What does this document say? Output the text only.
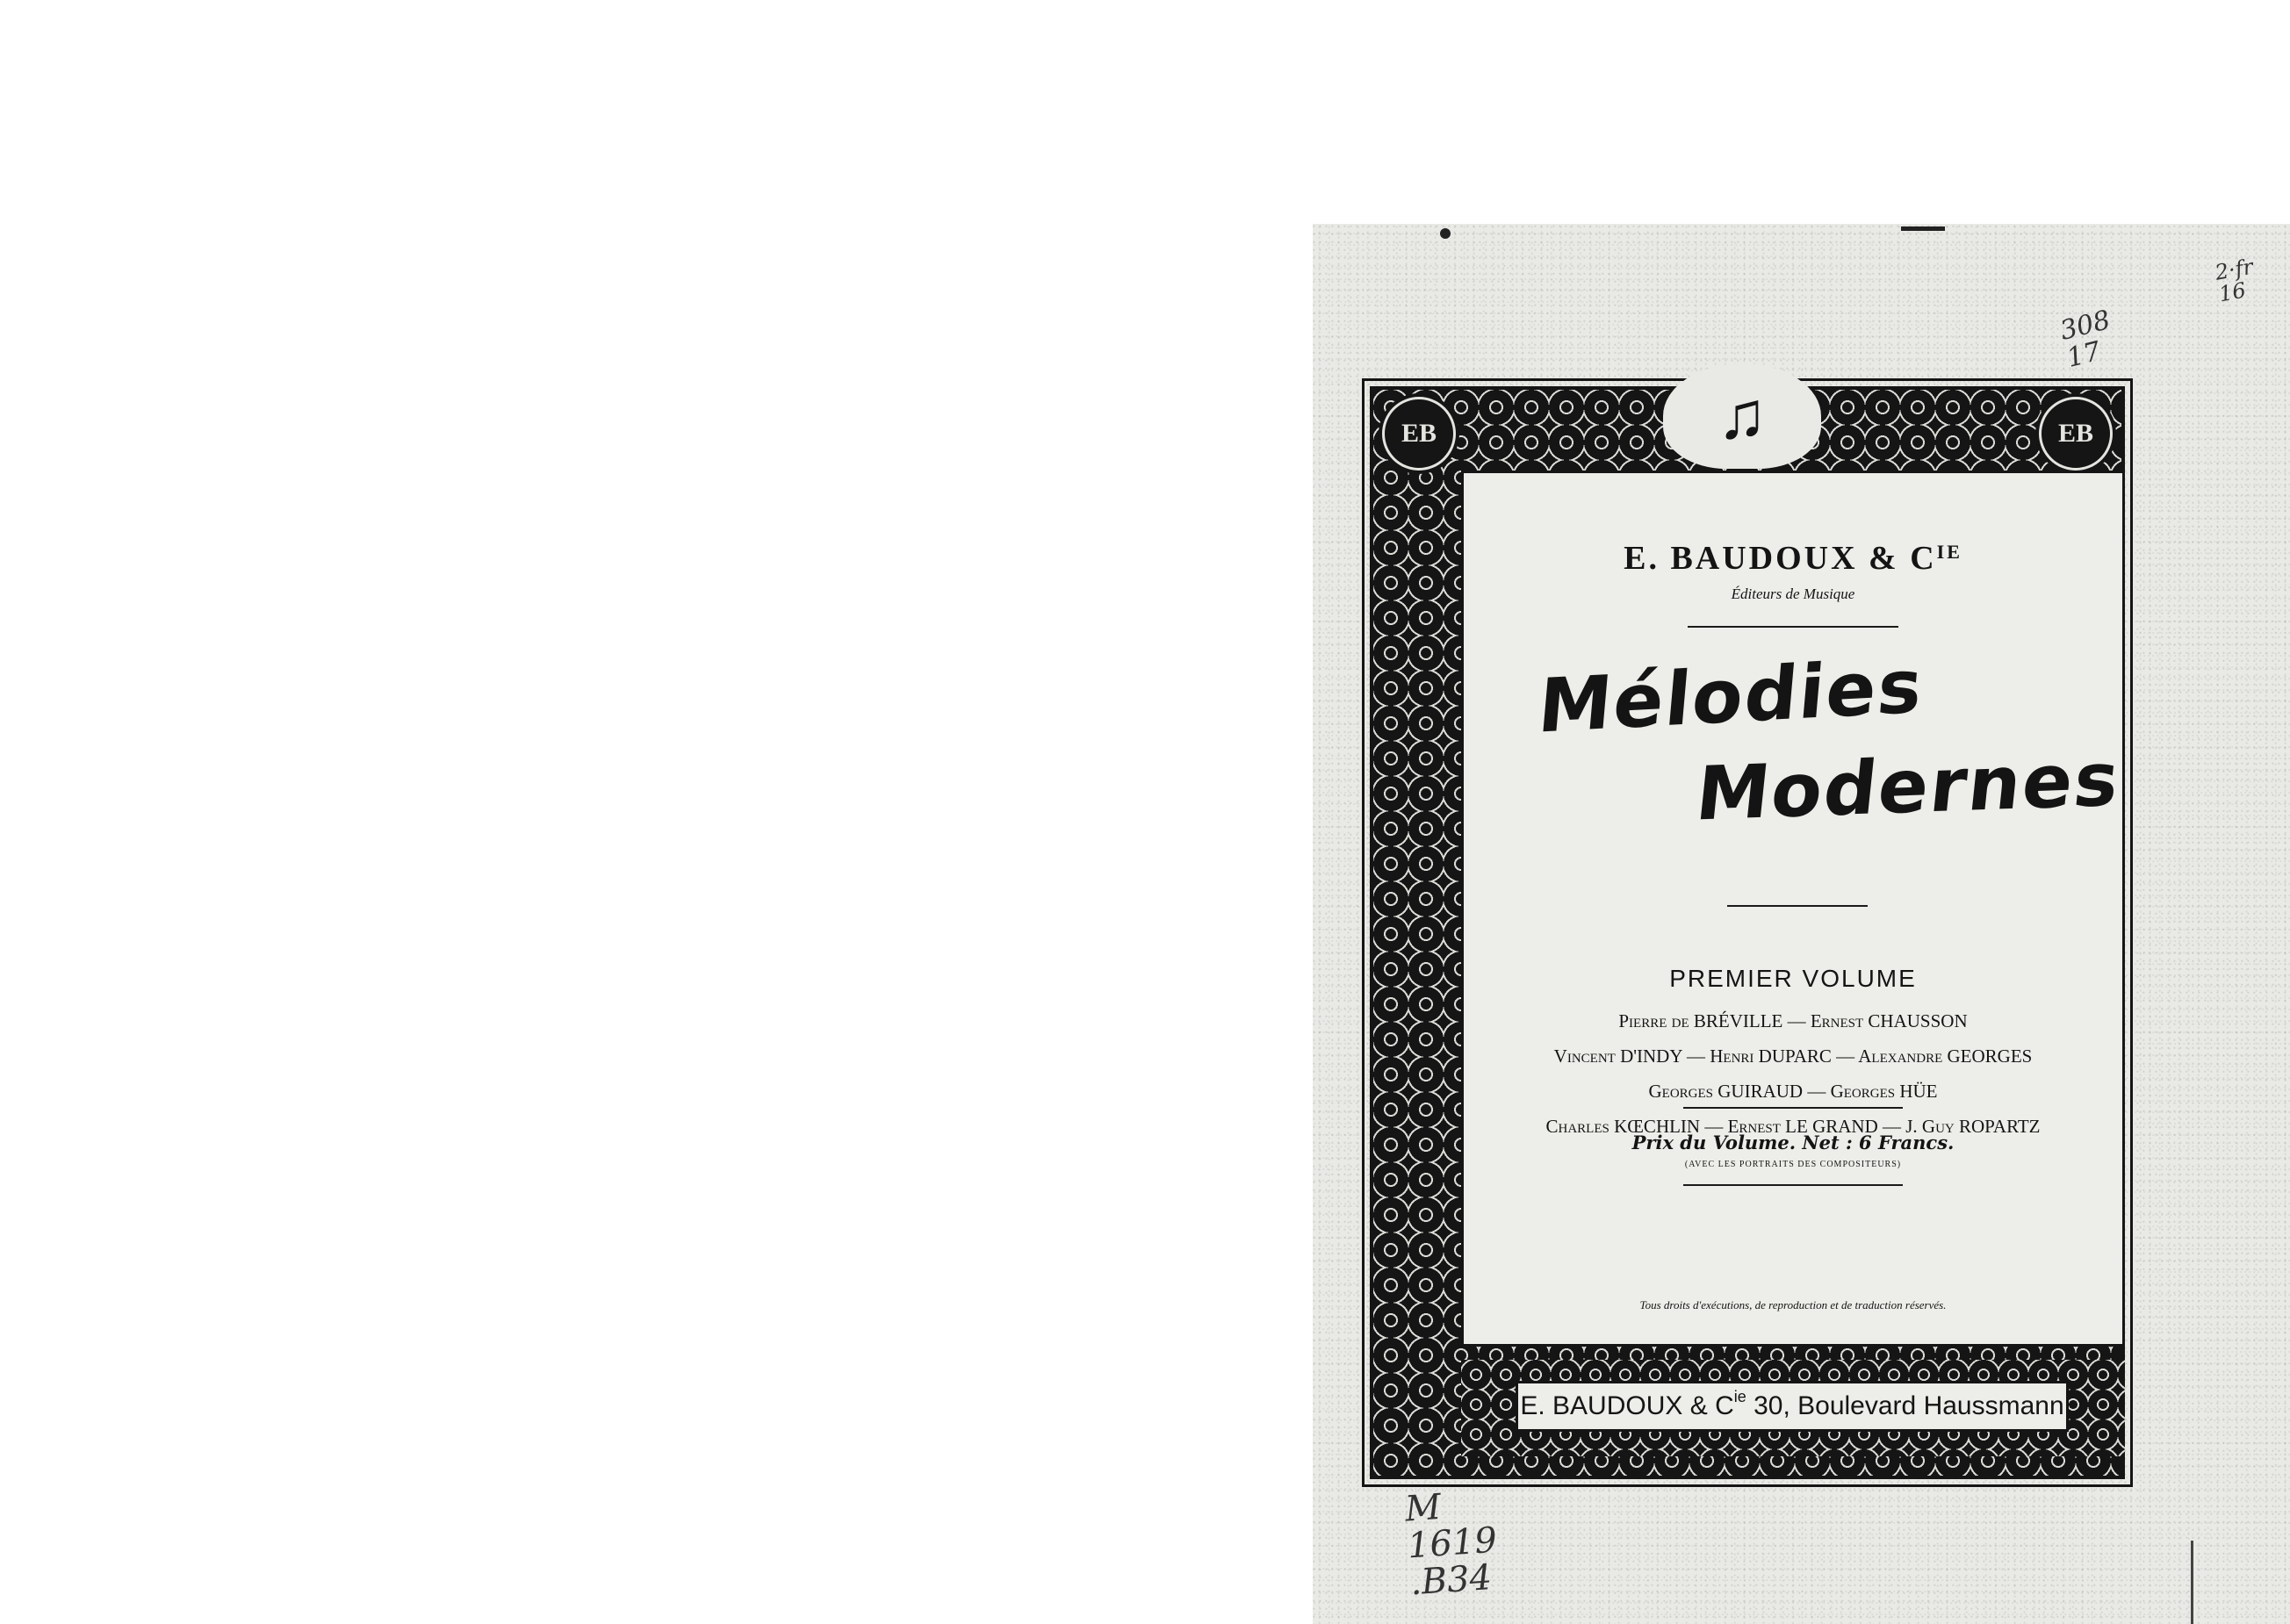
2·fr
16
308
17
EB	EB
♫
E. BAUDOUX & $C^{IE}$
Éditeurs de Musique
Mélodies
Modernes
PREMIER VOLUME
Pierre de BRÉVILLE — Ernest CHAUSSON
Vincent D'INDY — Henri DUPARC — Alexandre GEORGES
Georges GUIRAUD — Georges HÜE
Charles KŒCHLIN — Ernest LE GRAND — J. Guy ROPARTZ
Prix du Volume. Net : 6 Francs.
(AVEC LES PORTRAITS DES COMPOSITEURS)
Tous droits d'exécutions, de reproduction et de traduction réservés.
E. BAUDOUX & $C^{ie}$ 30, Boulevard Haussmann
M
1619
.B34
